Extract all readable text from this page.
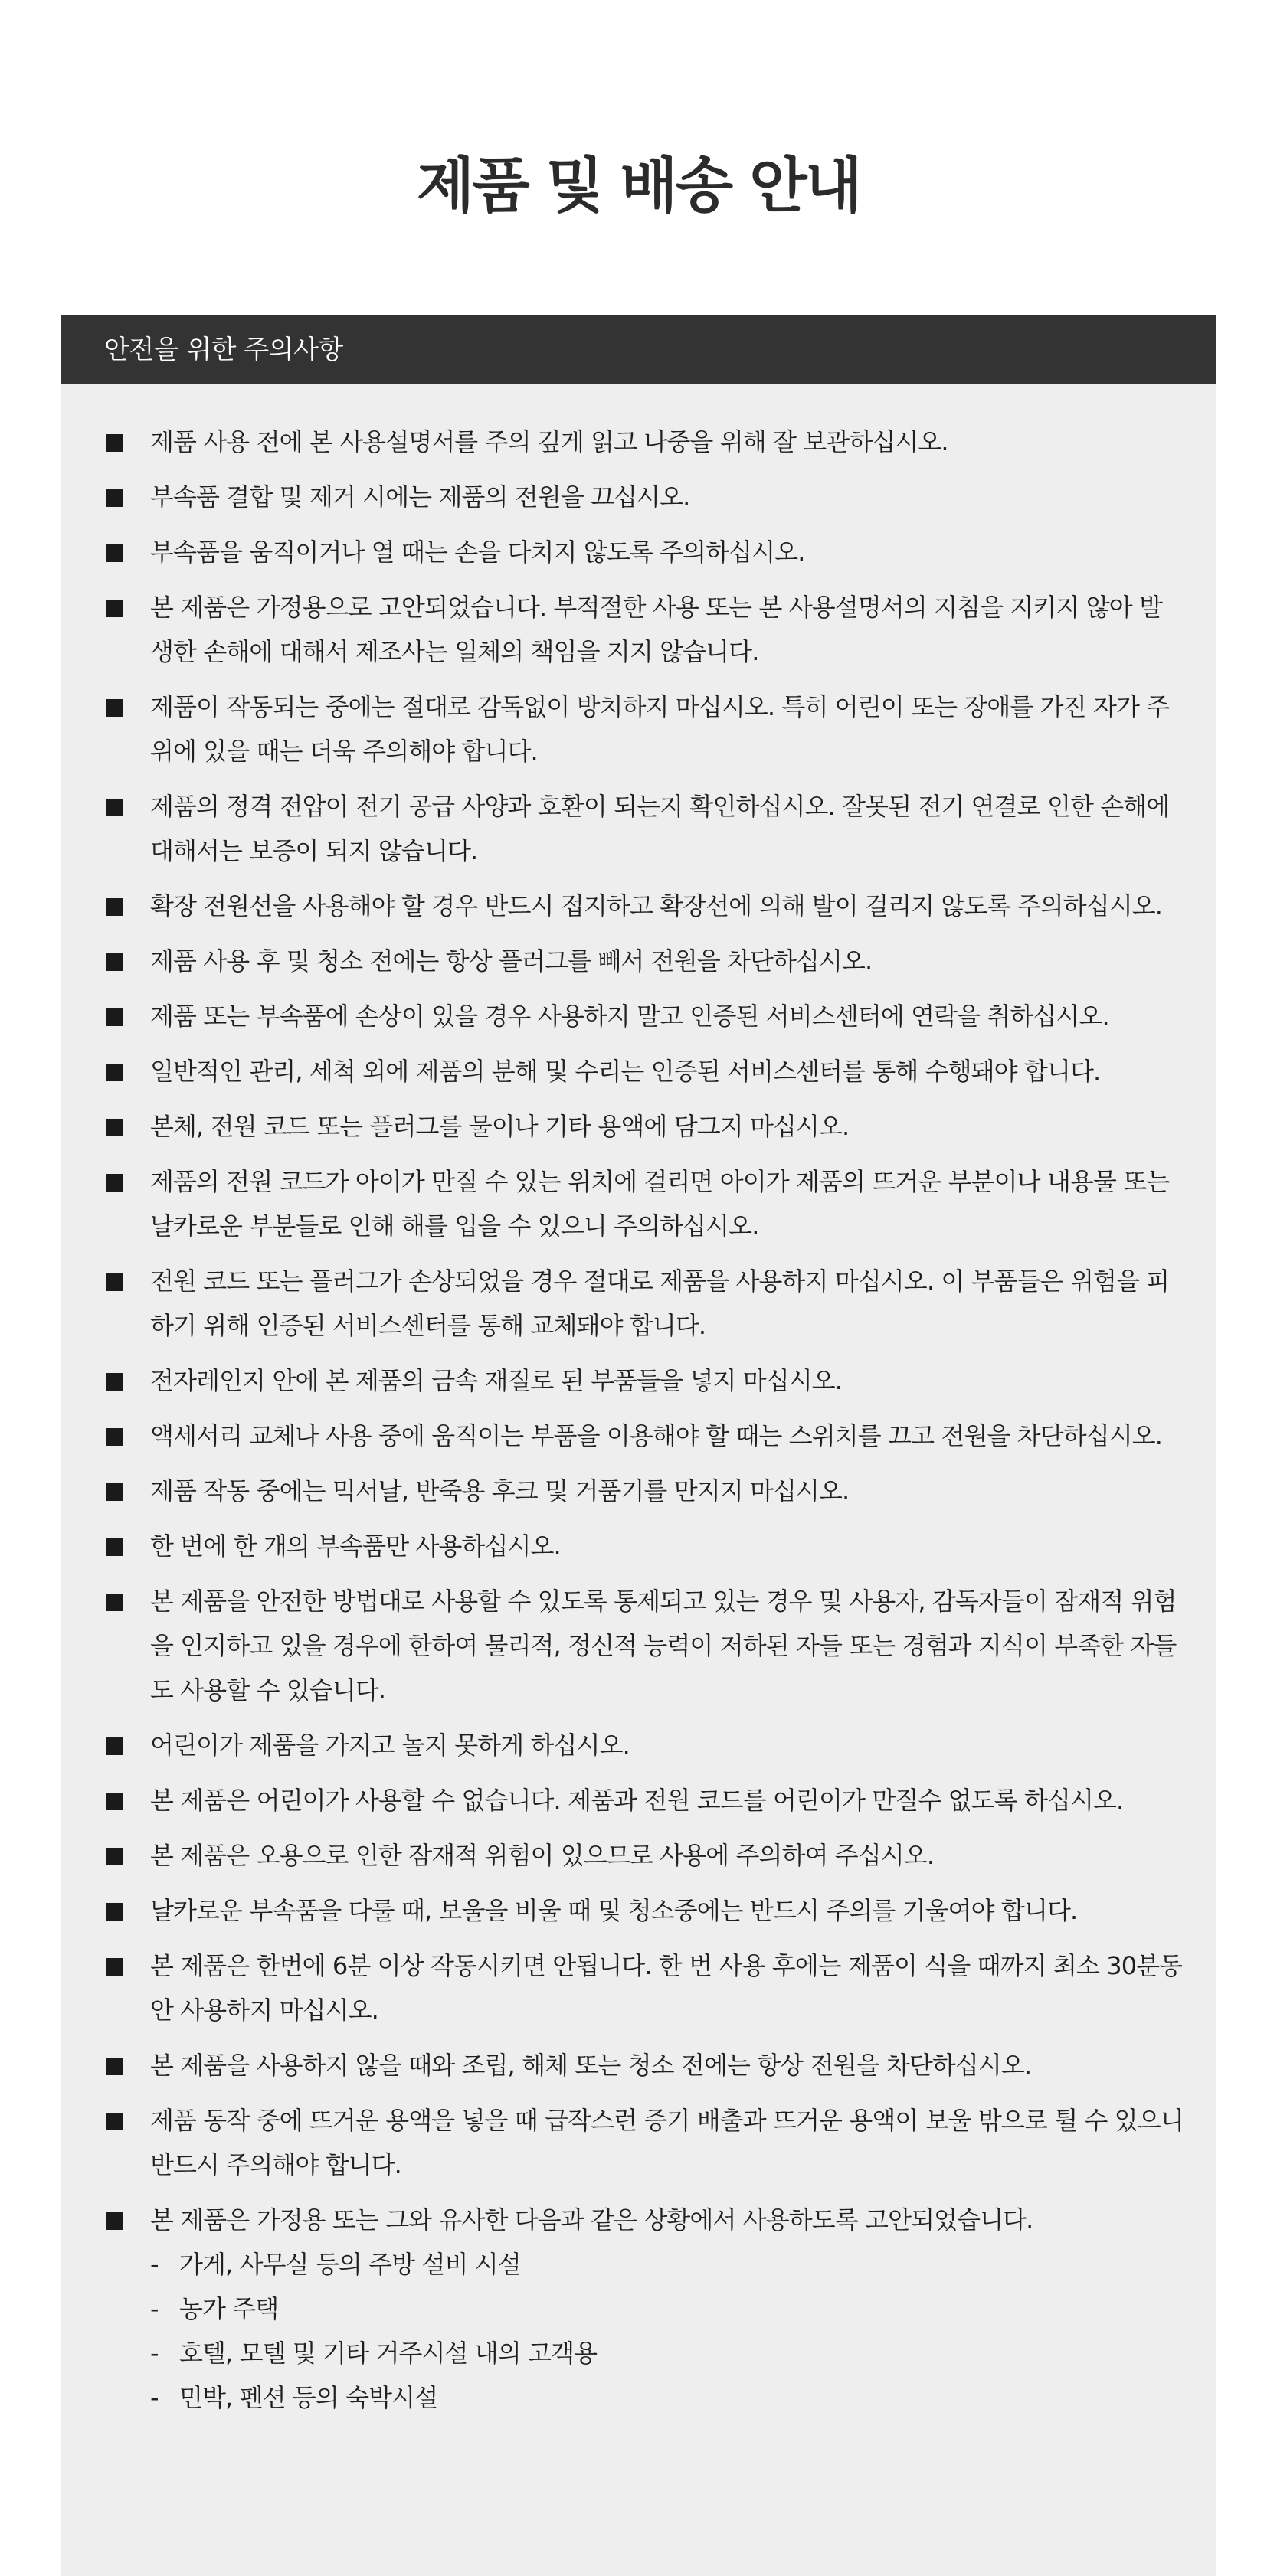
제품 및 배송 안내
안전을 위한 주의사항
제품 사용 전에 본 사용설명서를 주의 깊게 읽고 나중을 위해 잘 보관하십시오.
부속품 결합 및 제거 시에는 제품의 전원을 끄십시오.
부속품을 움직이거나 열 때는 손을 다치지 않도록 주의하십시오.
본 제품은 가정용으로 고안되었습니다. 부적절한 사용 또는 본 사용설명서의 지침을 지키지 않아 발생한 손해에 대해서 제조사는 일체의 책임을 지지 않습니다.
제품이 작동되는 중에는 절대로 감독없이 방치하지 마십시오. 특히 어린이 또는 장애를 가진 자가 주위에 있을 때는 더욱 주의해야 합니다.
제품의 정격 전압이 전기 공급 사양과 호환이 되는지 확인하십시오. 잘못된 전기 연결로 인한 손해에 대해서는 보증이 되지 않습니다.
확장 전원선을 사용해야 할 경우 반드시 접지하고 확장선에 의해 발이 걸리지 않도록 주의하십시오.
제품 사용 후 및 청소 전에는 항상 플러그를 빼서 전원을 차단하십시오.
제품 또는 부속품에 손상이 있을 경우 사용하지 말고 인증된 서비스센터에 연락을 취하십시오.
일반적인 관리, 세척 외에 제품의 분해 및 수리는 인증된 서비스센터를 통해 수행돼야 합니다.
본체, 전원 코드 또는 플러그를 물이나 기타 용액에 담그지 마십시오.
제품의 전원 코드가 아이가 만질 수 있는 위치에 걸리면 아이가 제품의 뜨거운 부분이나 내용물 또는 날카로운 부분들로 인해 해를 입을 수 있으니 주의하십시오.
전원 코드 또는 플러그가 손상되었을 경우 절대로 제품을 사용하지 마십시오. 이 부품들은 위험을 피하기 위해 인증된 서비스센터를 통해 교체돼야 합니다.
전자레인지 안에 본 제품의 금속 재질로 된 부품들을 넣지 마십시오.
액세서리 교체나 사용 중에 움직이는 부품을 이용해야 할 때는 스위치를 끄고 전원을 차단하십시오.
제품 작동 중에는 믹서날, 반죽용 후크 및 거품기를 만지지 마십시오.
한 번에 한 개의 부속품만 사용하십시오.
본 제품을 안전한 방법대로 사용할 수 있도록 통제되고 있는 경우 및 사용자, 감독자들이 잠재적 위험을 인지하고 있을 경우에 한하여 물리적, 정신적 능력이 저하된 자들 또는 경험과 지식이 부족한 자들도 사용할 수 있습니다.
어린이가 제품을 가지고 놀지 못하게 하십시오.
본 제품은 어린이가 사용할 수 없습니다. 제품과 전원 코드를 어린이가 만질수 없도록 하십시오.
본 제품은 오용으로 인한 잠재적 위험이 있으므로 사용에 주의하여 주십시오.
날카로운 부속품을 다룰 때, 보울을 비울 때 및 청소중에는 반드시 주의를 기울여야 합니다.
본 제품은 한번에 6분 이상 작동시키면 안됩니다. 한 번 사용 후에는 제품이 식을 때까지 최소 30분동안 사용하지 마십시오.
본 제품을 사용하지 않을 때와 조립, 해체 또는 청소 전에는 항상 전원을 차단하십시오.
제품 동작 중에 뜨거운 용액을 넣을 때 급작스런 증기 배출과 뜨거운 용액이 보울 밖으로 튈 수 있으니 반드시 주의해야 합니다.
본 제품은 가정용 또는 그와 유사한 다음과 같은 상황에서 사용하도록 고안되었습니다.
- 가게, 사무실 등의 주방 설비 시설
- 농가 주택
- 호텔, 모텔 및 기타 거주시설 내의 고객용
- 민박, 펜션 등의 숙박시설
